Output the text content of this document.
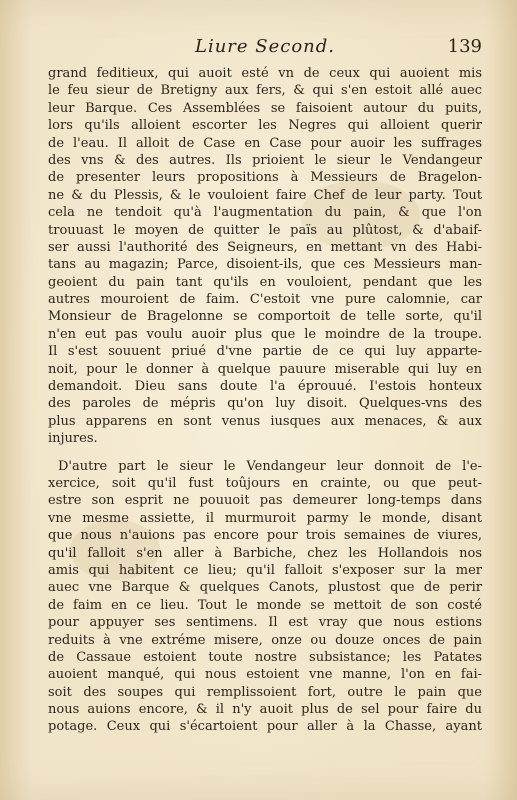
Liure Second.	139
grand feditieux, qui auoit esté vn de ceux qui auoient mis
le feu sieur de Bretigny aux fers, & qui s'en estoit allé auec
leur Barque. Ces Assemblées se faisoient autour du puits,
lors qu'ils alloient escorter les Negres qui alloient querir
de l'eau. Il alloit de Case en Case pour auoir les suffrages
des vns & des autres. Ils prioient le sieur le Vendangeur
de presenter leurs propositions à Messieurs de Bragelon-
ne & du Plessis, & le vouloient faire Chef de leur party. Tout
cela ne tendoit qu'à l'augmentation du pain, & que l'on
trouuast le moyen de quitter le païs au plûtost, & d'abaif-
ser aussi l'authorité des Seigneurs, en mettant vn des Habi-
tans au magazin; Parce, disoient-ils, que ces Messieurs man-
geoient du pain tant qu'ils en vouloient, pendant que les
autres mouroient de faim. C'estoit vne pure calomnie, car
Monsieur de Bragelonne se comportoit de telle sorte, qu'il
n'en eut pas voulu auoir plus que le moindre de la troupe.
Il s'est souuent priué d'vne partie de ce qui luy apparte-
noit, pour le donner à quelque pauure miserable qui luy en
demandoit. Dieu sans doute l'a éprouué. I'estois honteux
des paroles de mépris qu'on luy disoit. Quelques-vns des
plus apparens en sont venus iusques aux menaces, & aux
injures.
D'autre part le sieur le Vendangeur leur donnoit de l'e-
xercice, soit qu'il fust toûjours en crainte, ou que peut-
estre son esprit ne pouuoit pas demeurer long-temps dans
vne mesme assiette, il murmuroit parmy le monde, disant
que nous n'auions pas encore pour trois semaines de viures,
qu'il falloit s'en aller à Barbiche, chez les Hollandois nos
amis qui habitent ce lieu; qu'il falloit s'exposer sur la mer
auec vne Barque & quelques Canots, plustost que de perir
de faim en ce lieu. Tout le monde se mettoit de son costé
pour appuyer ses sentimens. Il est vray que nous estions
reduits à vne extréme misere, onze ou douze onces de pain
de Cassaue estoient toute nostre subsistance; les Patates
auoient manqué, qui nous estoient vne manne, l'on en fai-
soit des soupes qui remplissoient fort, outre le pain que
nous auions encore, & il n'y auoit plus de sel pour faire du
potage. Ceux qui s'écartoient pour aller à la Chasse, ayant
